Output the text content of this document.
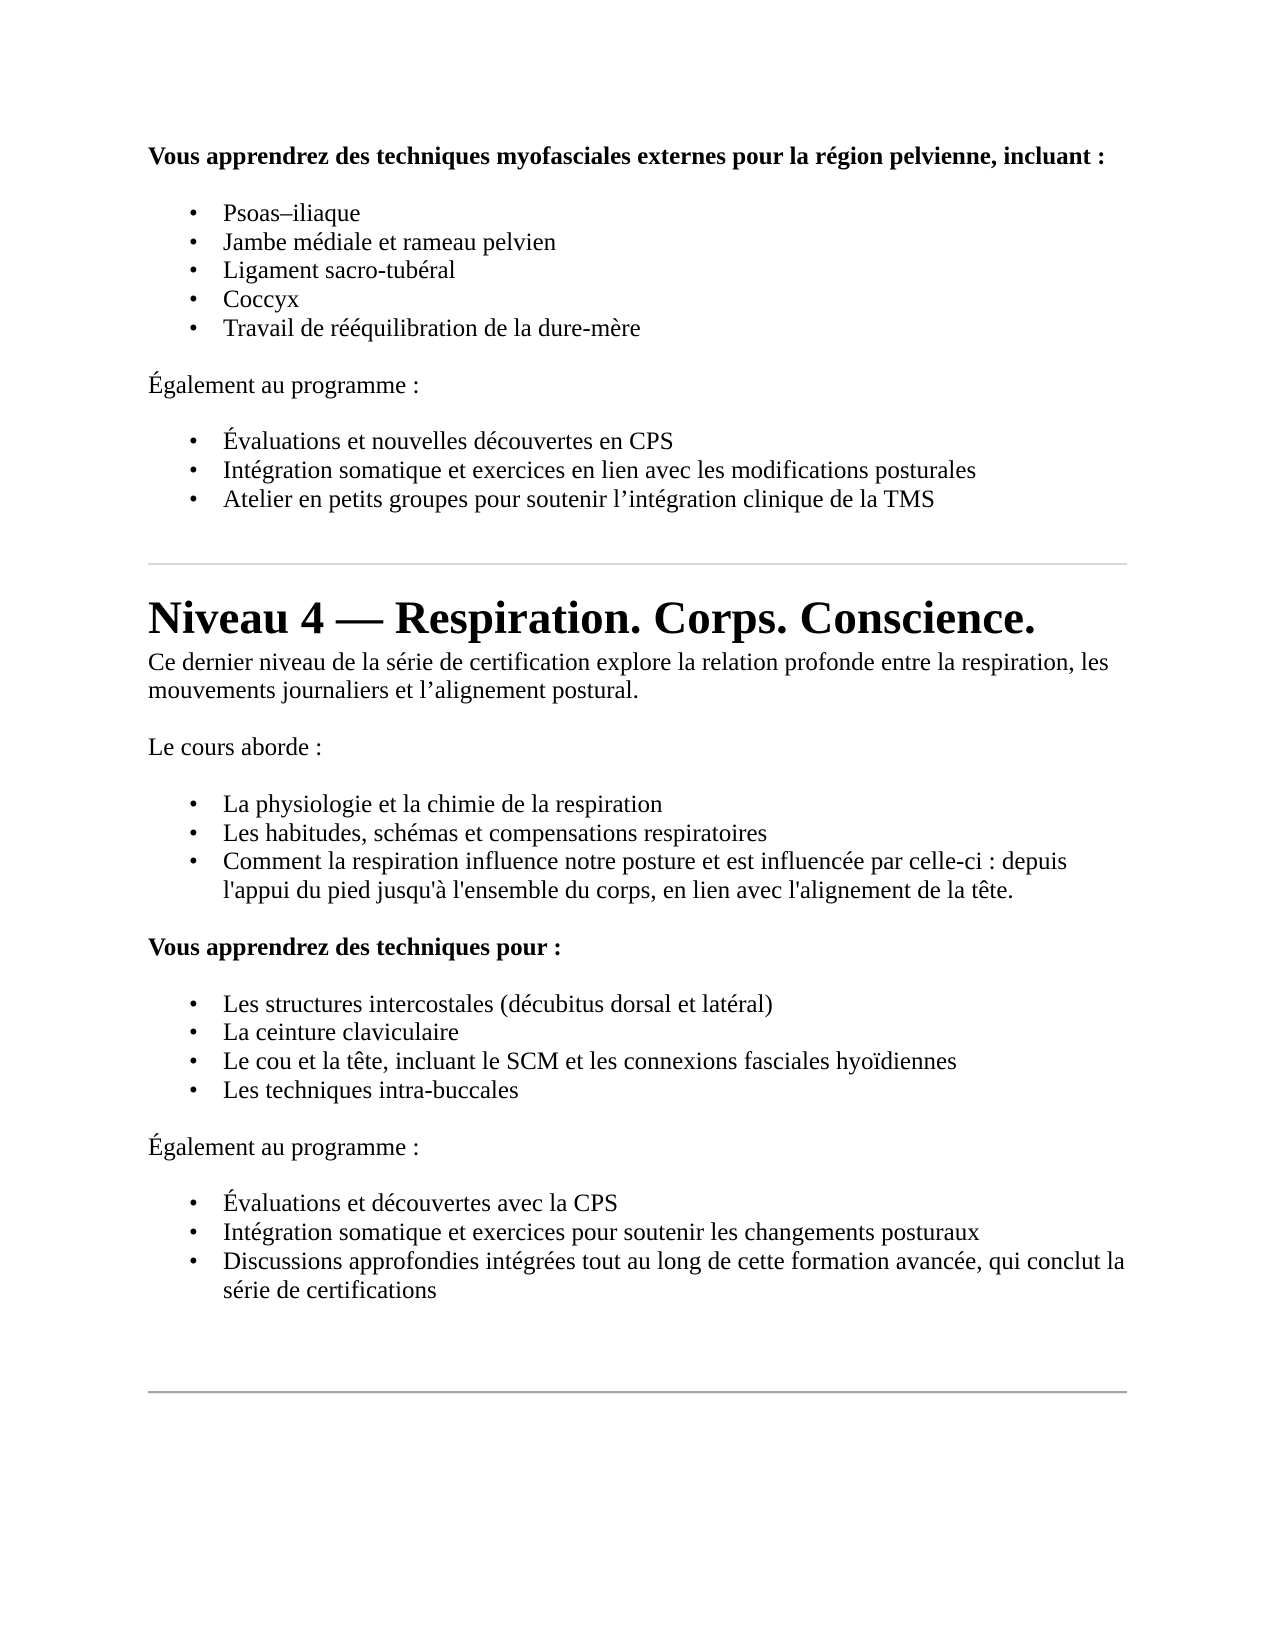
Vous apprendrez des techniques myofasciales externes pour la région pelvienne, incluant :

• Psoas–iliaque
• Jambe médiale et rameau pelvien
• Ligament sacro-tubéral
• Coccyx
• Travail de rééquilibration de la dure-mère

Également au programme :

• Évaluations et nouvelles découvertes en CPS
• Intégration somatique et exercices en lien avec les modifications posturales
• Atelier en petits groupes pour soutenir l’intégration clinique de la TMS
Niveau 4 — Respiration. Corps. Conscience.

Ce dernier niveau de la série de certification explore la relation profonde entre la respiration, les mouvements journaliers et l’alignement postural.

Le cours aborde :

• La physiologie et la chimie de la respiration
• Les habitudes, schémas et compensations respiratoires
• Comment la respiration influence notre posture et est influencée par celle-ci : depuis l'appui du pied jusqu'à l'ensemble du corps, en lien avec l'alignement de la tête.

Vous apprendrez des techniques pour :

• Les structures intercostales (décubitus dorsal et latéral)
• La ceinture claviculaire
• Le cou et la tête, incluant le SCM et les connexions fasciales hyoïdiennes
• Les techniques intra-buccales

Également au programme :

• Évaluations et découvertes avec la CPS
• Intégration somatique et exercices pour soutenir les changements posturaux
• Discussions approfondies intégrées tout au long de cette formation avancée, qui conclut la série de certifications
